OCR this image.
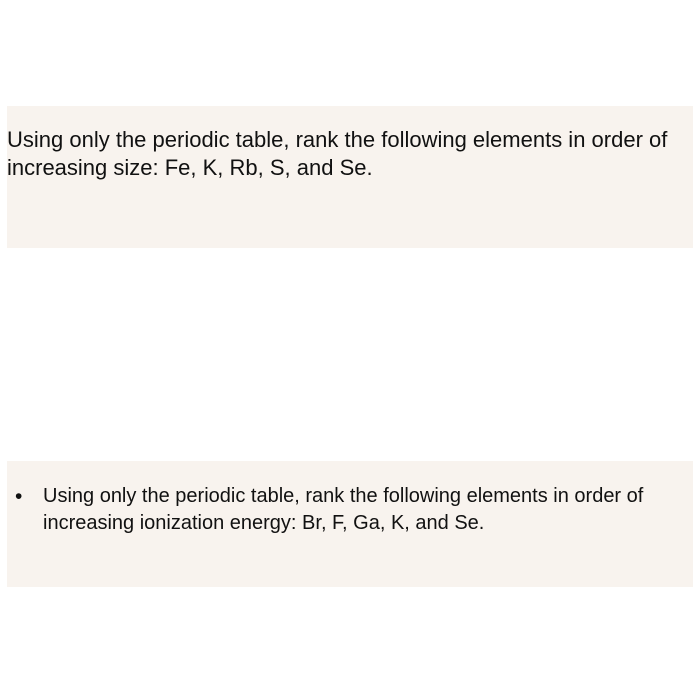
Using only the periodic table, rank the following elements in order of increasing size: Fe, K, Rb, S, and Se.

•	Using only the periodic table, rank the following elements in order of increasing ionization energy: Br, F, Ga, K, and Se.
